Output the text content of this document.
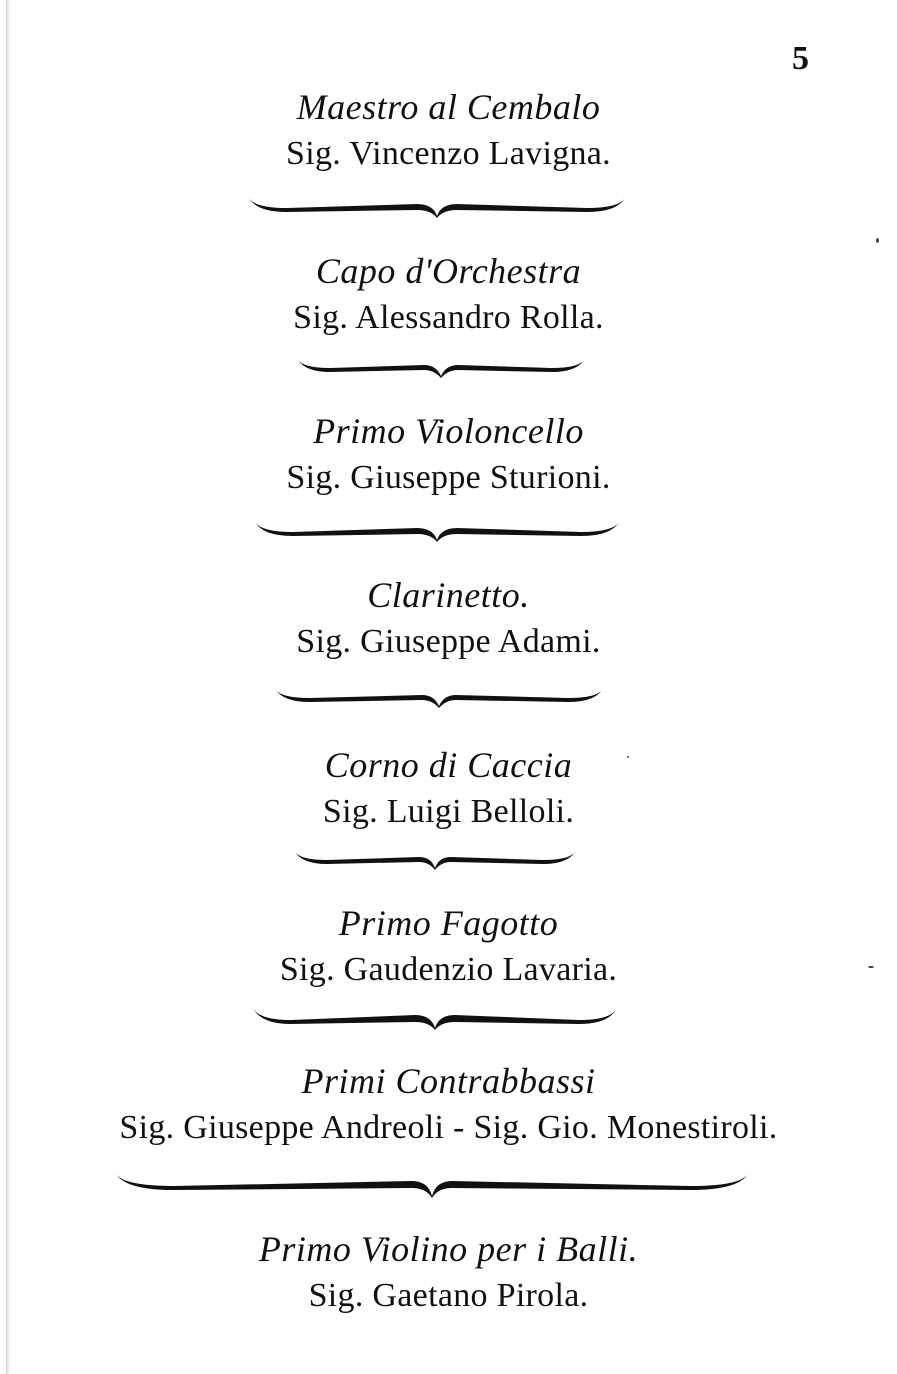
5
Maestro al Cembalo
Sig. Vincenzo Lavigna.
Capo d'Orchestra
Sig. Alessandro Rolla.
Primo Violoncello
Sig. Giuseppe Sturioni.
Clarinetto.
Sig. Giuseppe Adami.
Corno di Caccia
Sig. Luigi Belloli.
Primo Fagotto
Sig. Gaudenzio Lavaria.
Primi Contrabbassi
Sig. Giuseppe Andreoli - Sig. Gio. Monestiroli.
Primo Violino per i Balli.
Sig. Gaetano Pirola.
